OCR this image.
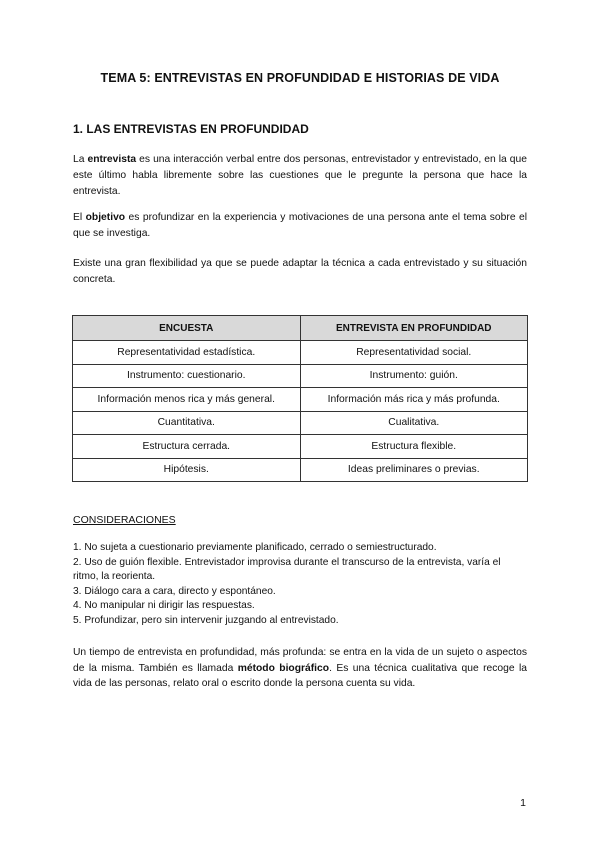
TEMA 5: ENTREVISTAS EN PROFUNDIDAD E HISTORIAS DE VIDA
1. LAS ENTREVISTAS EN PROFUNDIDAD
La entrevista es una interacción verbal entre dos personas, entrevistador y entrevistado, en la que este último habla libremente sobre las cuestiones que le pregunte la persona que hace la entrevista.
El objetivo es profundizar en la experiencia y motivaciones de una persona ante el tema sobre el que se investiga.
Existe una gran flexibilidad ya que se puede adaptar la técnica a cada entrevistado y su situación concreta.
ENCUESTA	ENTREVISTA EN PROFUNDIDAD
Representatividad estadística.	Representatividad social.
Instrumento: cuestionario.	Instrumento: guión.
Información menos rica y más general.	Información más rica y más profunda.
Cuantitativa.	Cualitativa.
Estructura cerrada.	Estructura flexible.
Hipótesis.	Ideas preliminares o previas.
CONSIDERACIONES
1. No sujeta a cuestionario previamente planificado, cerrado o semiestructurado.
2. Uso de guión flexible. Entrevistador improvisa durante el transcurso de la entrevista, varía el ritmo, la reorienta.
3. Diálogo cara a cara, directo y espontáneo.
4. No manipular ni dirigir las respuestas.
5. Profundizar, pero sin intervenir juzgando al entrevistado.
Un tiempo de entrevista en profundidad, más profunda: se entra en la vida de un sujeto o aspectos de la misma. También es llamada método biográfico. Es una técnica cualitativa que recoge la vida de las personas, relato oral o escrito donde la persona cuenta su vida.
1
